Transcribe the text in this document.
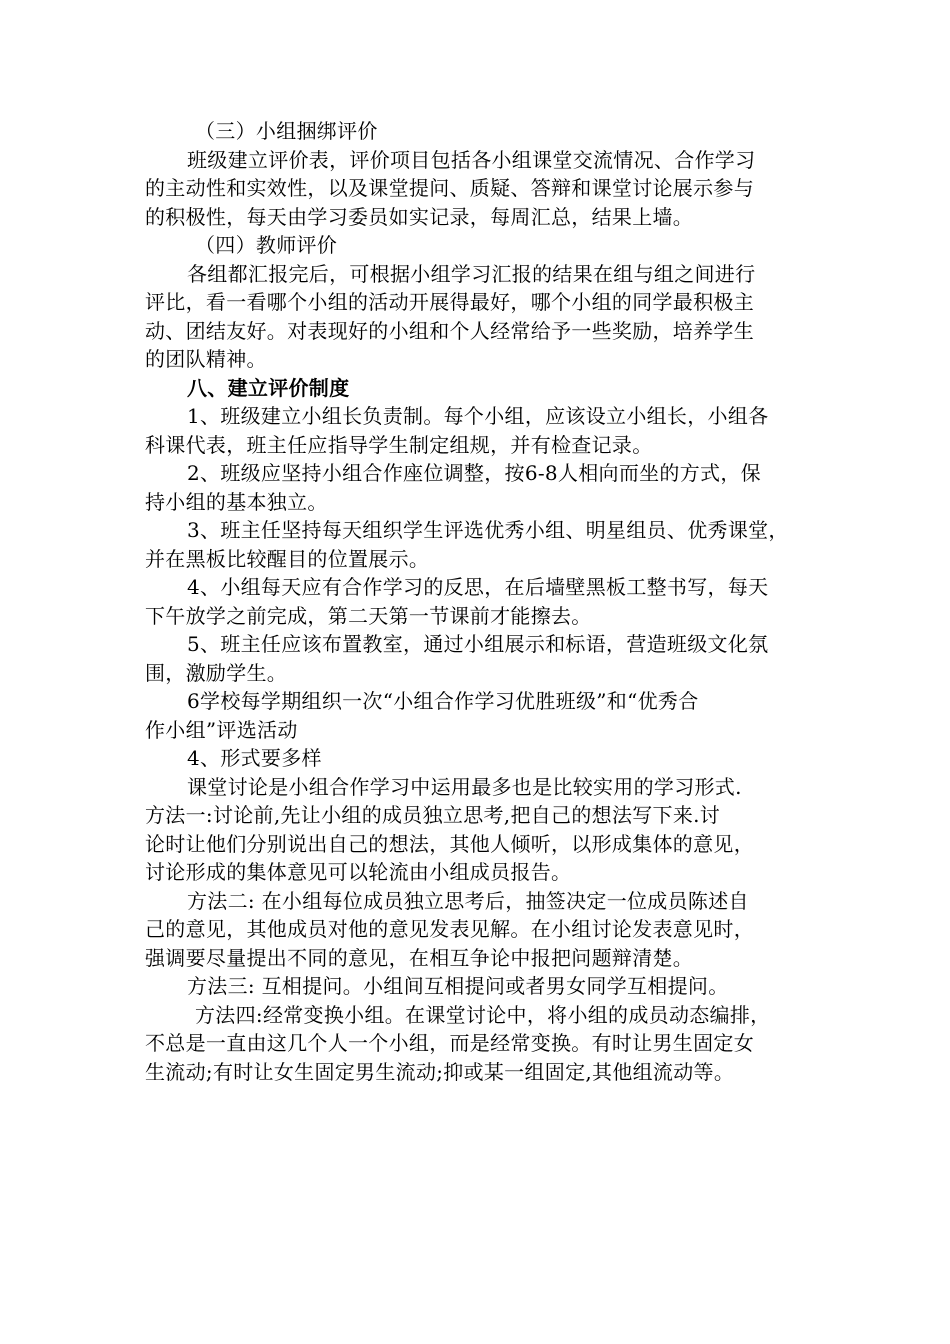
（三）小组捆绑评价
班级建立评价表，评价项目包括各小组课堂交流情况、合作学习
的主动性和实效性，以及课堂提问、质疑、答辩和课堂讨论展示参与
的积极性，每天由学习委员如实记录，每周汇总，结果上墙。
（四）教师评价
各组都汇报完后，可根据小组学习汇报的结果在组与组之间进行
评比，看一看哪个小组的活动开展得最好，哪个小组的同学最积极主
动、团结友好。对表现好的小组和个人经常给予一些奖励，培养学生
的团队精神。
八、建立评价制度
1、班级建立小组长负责制。每个小组，应该设立小组长，小组各
科课代表，班主任应指导学生制定组规，并有检查记录。
2、班级应坚持小组合作座位调整，按6-8人相向而坐的方式，保
持小组的基本独立。
3、班主任坚持每天组织学生评选优秀小组、明星组员、优秀课堂，
并在黑板比较醒目的位置展示。
4、小组每天应有合作学习的反思，在后墙壁黑板工整书写，每天
下午放学之前完成，第二天第一节课前才能擦去。
5、班主任应该布置教室，通过小组展示和标语，营造班级文化氛
围，激励学生。
6学校每学期组织一次“小组合作学习优胜班级”和“优秀合
作小组”评选活动
4、形式要多样
课堂讨论是小组合作学习中运用最多也是比较实用的学习形式.
方法一:讨论前,先让小组的成员独立思考,把自己的想法写下来.讨
论时让他们分别说出自己的想法，其他人倾听，以形成集体的意见，
讨论形成的集体意见可以轮流由小组成员报告。
方法二: 在小组每位成员独立思考后，抽签决定一位成员陈述自
己的意见，其他成员对他的意见发表见解。在小组讨论发表意见时，
强调要尽量提出不同的意见，在相互争论中报把问题辩清楚。
方法三: 互相提问。小组间互相提问或者男女同学互相提问。
方法四:经常变换小组。在课堂讨论中，将小组的成员动态编排，
不总是一直由这几个人一个小组，而是经常变换。有时让男生固定女
生流动;有时让女生固定男生流动;抑或某一组固定,其他组流动等。
